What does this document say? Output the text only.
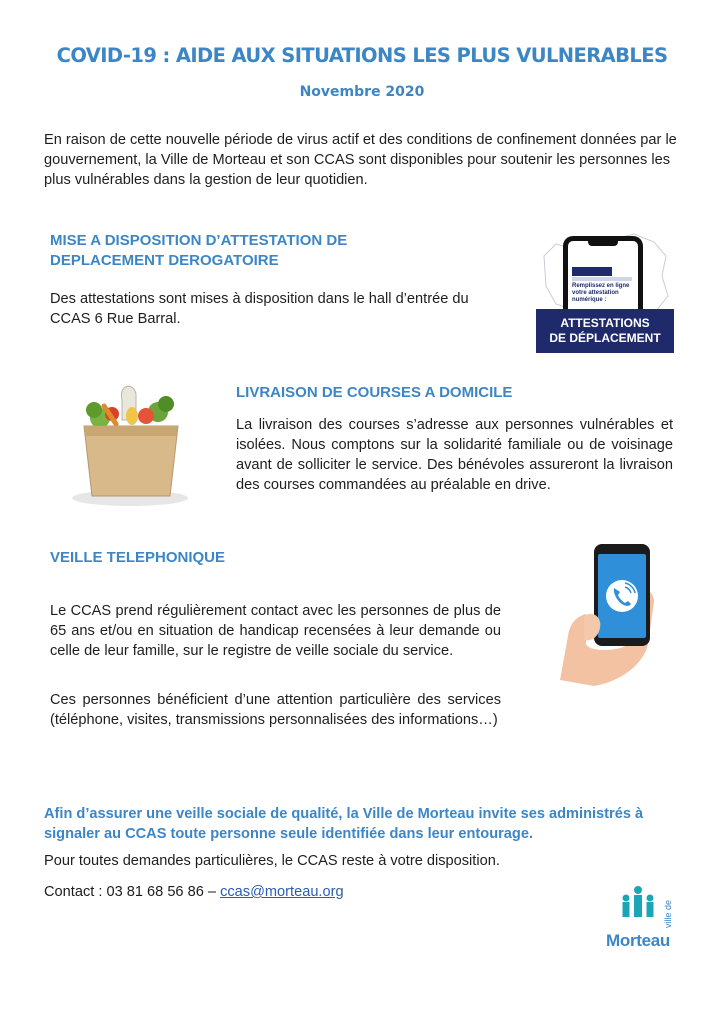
COVID-19 : AIDE AUX SITUATIONS LES PLUS VULNERABLES
Novembre 2020
En raison de cette nouvelle période de virus actif et des conditions de confinement données par le gouvernement, la Ville de Morteau et son CCAS sont disponibles pour soutenir les personnes les plus vulnérables dans la gestion de leur quotidien.
MISE A DISPOSITION D’ATTESTATION DE
DEPLACEMENT DEROGATOIRE
Des attestations sont mises à disposition dans le hall d’entrée du CCAS 6 Rue Barral.
Remplissez en ligne votre attestation numérique :
ATTESTATIONS
DE DÉPLACEMENT
LIVRAISON DE COURSES A DOMICILE
La livraison des courses s’adresse aux personnes vulnérables et isolées. Nous comptons sur la solidarité familiale ou de voisinage avant de solliciter le service. Des bénévoles assureront la livraison des courses commandées au préalable en drive.
VEILLE TELEPHONIQUE
Le CCAS prend régulièrement contact avec les personnes de plus de 65 ans et/ou en situation de handicap recensées à leur demande ou celle de leur famille, sur le registre de veille sociale du service.
Ces personnes bénéficient d’une attention particulière des services (téléphone, visites, transmissions personnalisées des informations…)
Afin d’assurer une veille sociale de qualité, la Ville de Morteau invite ses administrés à signaler au CCAS toute personne seule identifiée dans leur entourage.
Pour toutes demandes particulières, le CCAS reste à votre disposition.
Contact : 03 81 68 56 86 – ccas@morteau.org
ville de
Morteau
